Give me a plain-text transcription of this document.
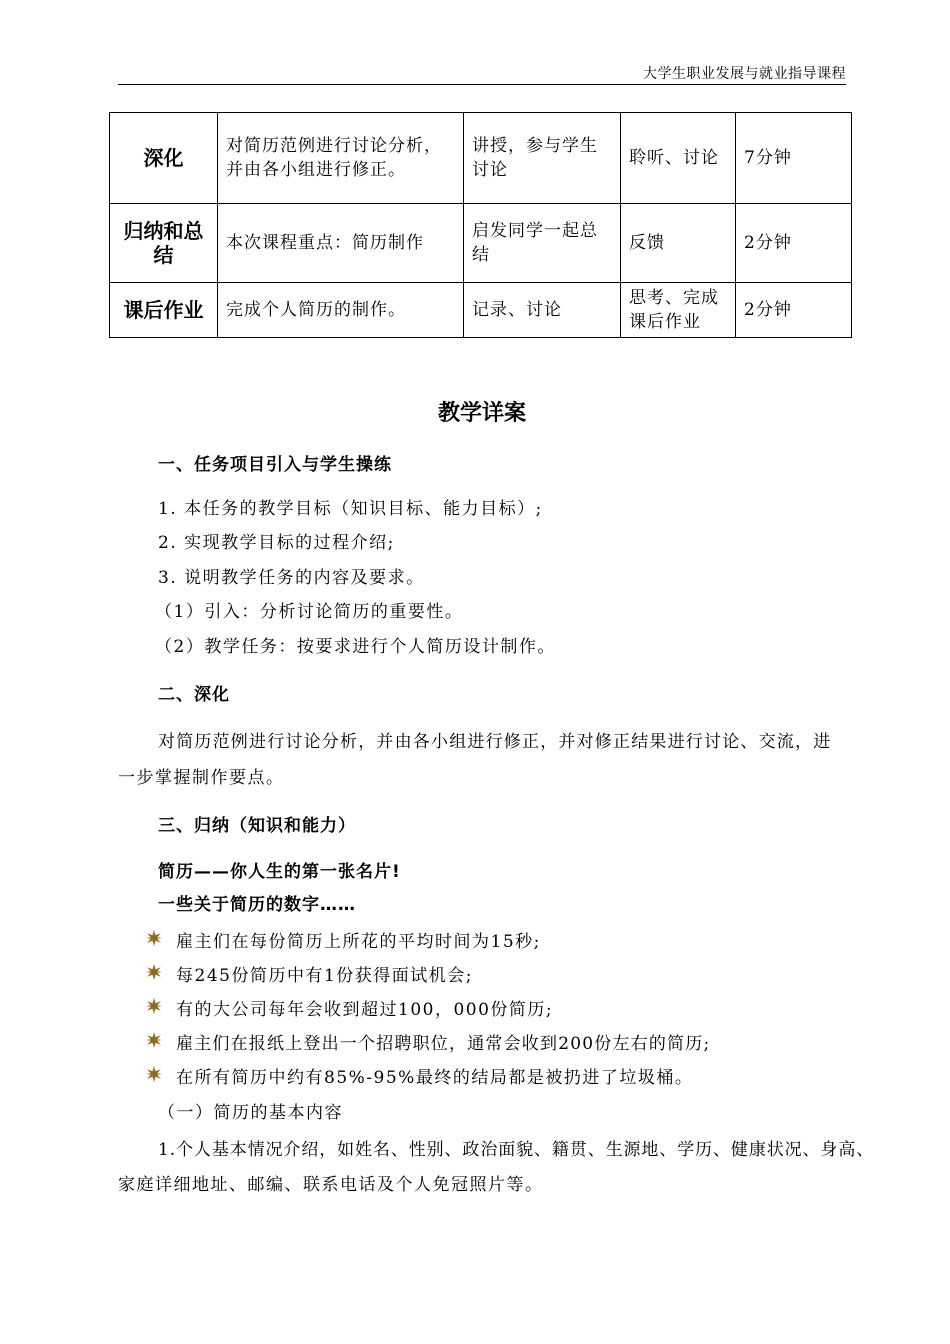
大学生职业发展与就业指导课程
深化	对简历范例进行讨论分析，并由各小组进行修正。	讲授，参与学生讨论	聆听、讨论	7分钟
归纳和总结	本次课程重点：简历制作	启发同学一起总结	反馈	2分钟
课后作业	完成个人简历的制作。	记录、讨论	思考、完成课后作业	2分钟
教学详案
一、任务项目引入与学生操练
1. 本任务的教学目标（知识目标、能力目标）;
2. 实现教学目标的过程介绍;
3. 说明教学任务的内容及要求。
（1）引入：分析讨论简历的重要性。
（2）教学任务：按要求进行个人简历设计制作。
二、深化
对简历范例进行讨论分析，并由各小组进行修正，并对修正结果进行讨论、交流，进
一步掌握制作要点。
三、归纳（知识和能力）
简历——你人生的第一张名片!
一些关于简历的数字……
雇主们在每份简历上所花的平均时间为15秒;
每245份简历中有1份获得面试机会;
有的大公司每年会收到超过100，000份简历;
雇主们在报纸上登出一个招聘职位，通常会收到200份左右的简历;
在所有简历中约有85%-95%最终的结局都是被扔进了垃圾桶。
（一）简历的基本内容
1.个人基本情况介绍，如姓名、性别、政治面貌、籍贯、生源地、学历、健康状况、身高、
家庭详细地址、邮编、联系电话及个人免冠照片等。
